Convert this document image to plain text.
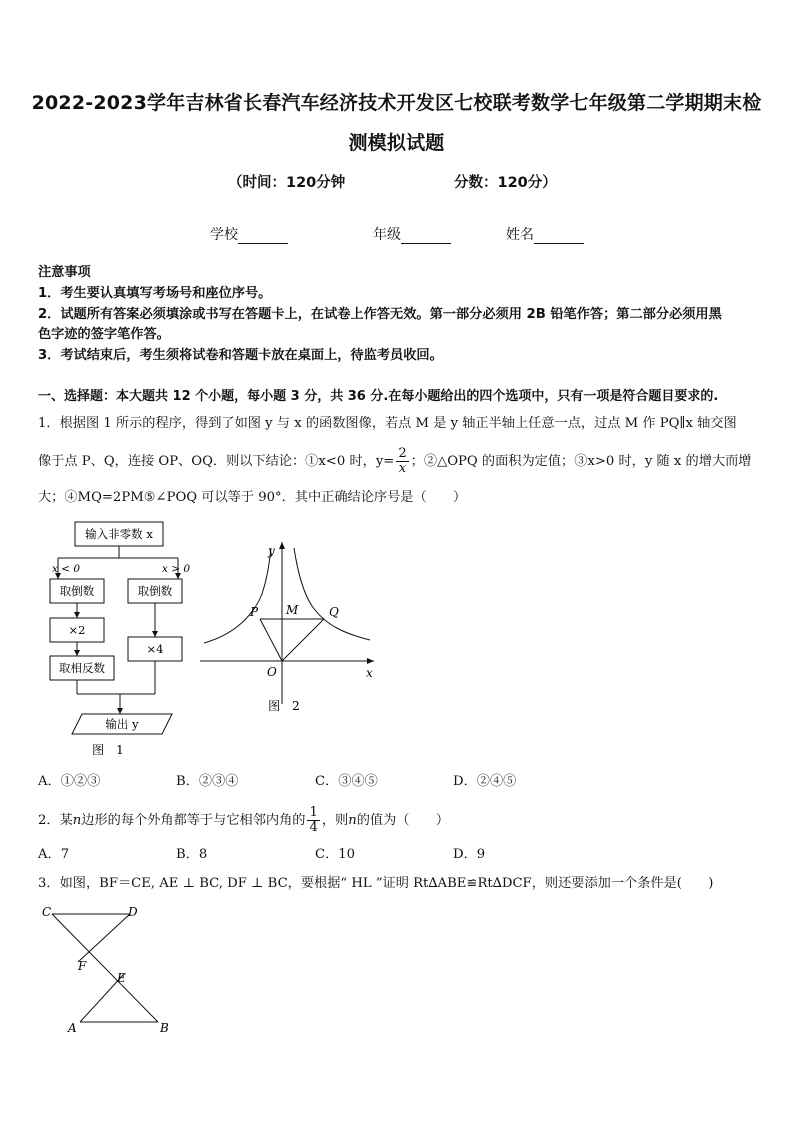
2022-2023学年吉林省长春汽车经济技术开发区七校联考数学七年级第二学期期末检
测模拟试题
（时间：120分钟	分数：120分）
学校	年级	姓名
注意事项
1．考生要认真填写考场号和座位序号。
2．试题所有答案必须填涂或书写在答题卡上，在试卷上作答无效。第一部分必须用 2B 铅笔作答；第二部分必须用黑
色字迹的签字笔作答。
3．考试结束后，考生须将试卷和答题卡放在桌面上，待监考员收回。
一、选择题：本大题共 12 个小题，每小题 3 分，共 36 分.在每小题给出的四个选项中，只有一项是符合题目要求的.
1．根据图 1 所示的程序，得到了如图 y 与 x 的函数图像，若点 M 是 y 轴正半轴上任意一点，过点 M 作 PQ∥x 轴交图
像于点 P、Q，连接 OP、OQ．则以下结论：①x<0 时，$y= \frac{2}{x}$ ；②△OPQ 的面积为定值；③x>0 时，y 随 x 的增大而增
大；④MQ=2PM⑤∠POQ 可以等于 90°．其中正确结论序号是（　　）
输入非零数 x
x < 0	x > 0
取倒数	取倒数
×2
×4
取相反数
输出 y
图　1
y
x
P M	Q
O
图　2
A．①②③	B．②③④	C．③④⑤	D．②④⑤
2．某n边形的每个外角都等于与它相邻内角的 $\frac{1}{4}$ ，则n的值为（　　）
A．7	B．8	C．10	D．9
3．如图，BF＝CE, AE ⊥ BC, DF ⊥ BC，要根据“ HL ”证明 Rt∆ABE≌Rt∆DCF，则还要添加一个条件是(　　)
C	D
F
E
A	B
